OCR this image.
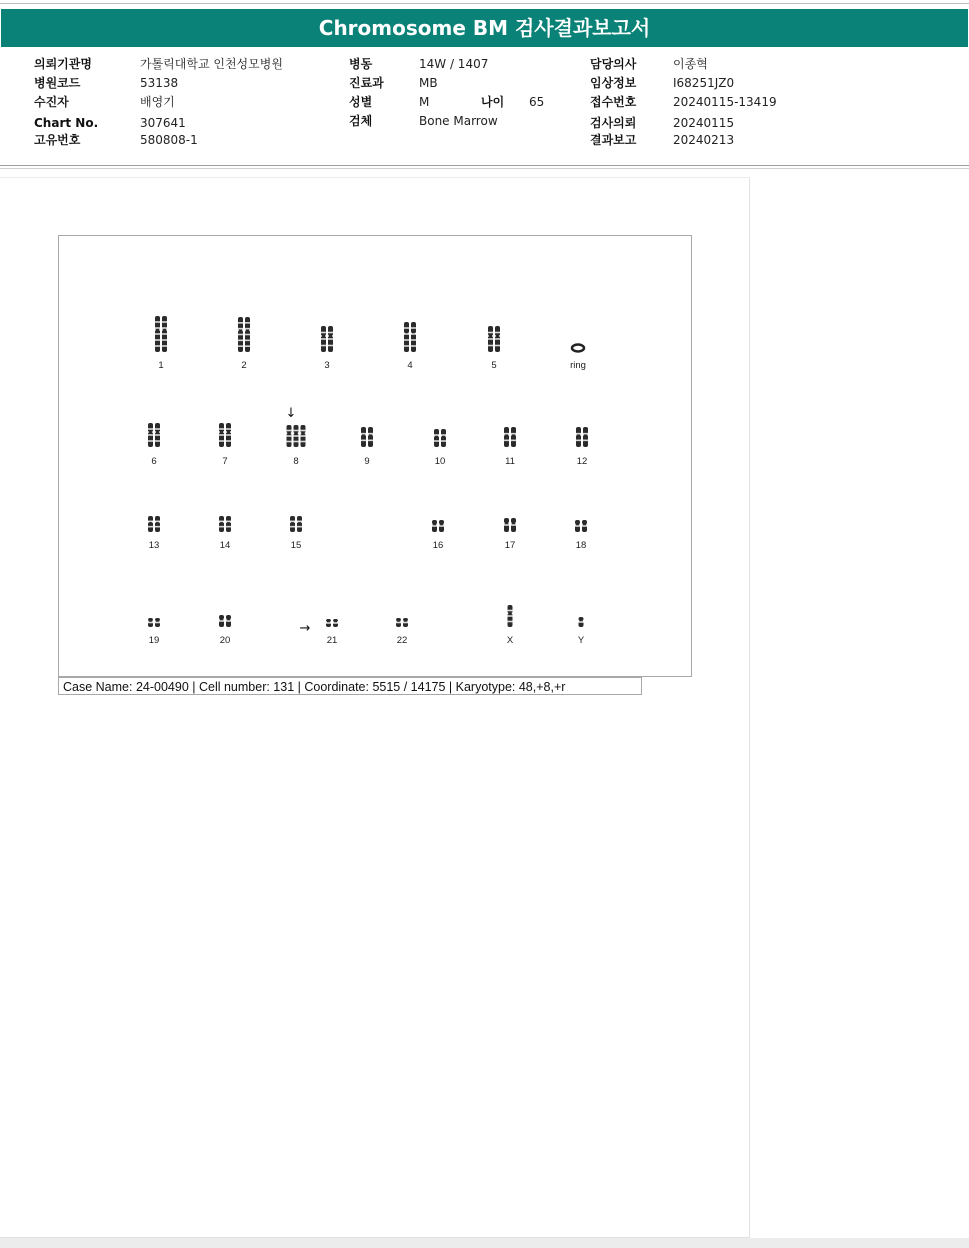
Chromosome BM 검사결과보고서
의뢰기관명	가톨릭대학교 인천성모병원
병원코드	53138
수진자	배영기
Chart No.	307641
고유번호	580808-1
병동	14W / 1407
진료과	MB
성별	M	나이 65
검체	Bone Marrow
담당의사	이종혁
임상정보	I68251JZ0
접수번호	20240115-13419
검사의뢰	20240115
결과보고	20240213
1	2	3	4	5	ring
6	7	8	9	10	11	12
13	14	15	16	17	18
19	20	21	22	X	Y
↓
→
Case Name: 24-00490 | Cell number: 131 | Coordinate: 5515 / 14175 | Karyotype: 48,+8,+r
